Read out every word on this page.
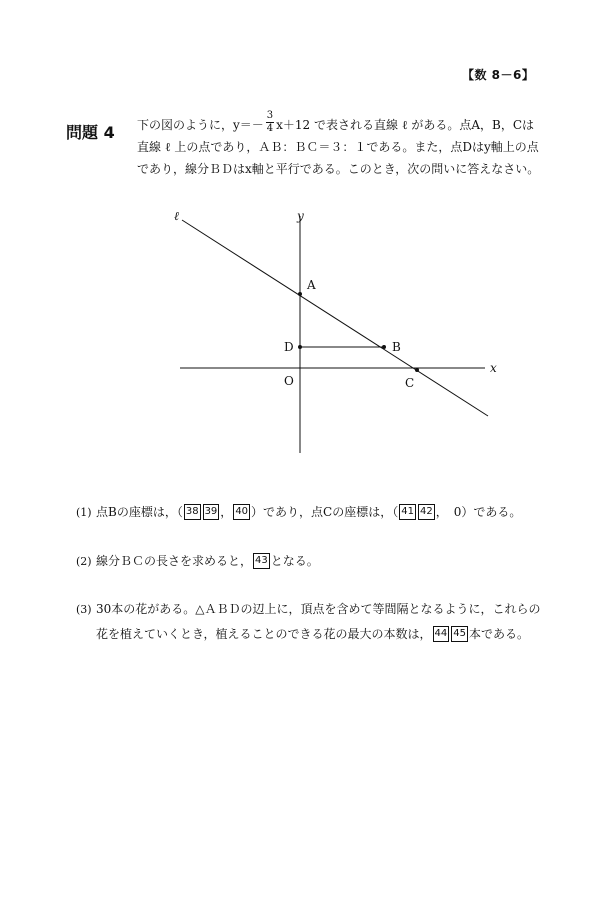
【数 8－6】
問題 4 下の図のように，$y=- \frac{3}{4} x+12$ で表される直線 ℓ がある。点A，B，Cは
直線 ℓ 上の点であり，ＡＢ：ＢＣ＝３：１である。また，点Dはy軸上の点
であり，線分ＢＤはx軸と平行である。このとき，次の問いに答えなさい。
ℓ	y
x
O
A
B
C
D
(1) 点Bの座標は，（ 38 39 ， 40 ）であり，点Cの座標は，（ 41 42 ，　0）である。
(2) 線分ＢＣの長さを求めると， 43 となる。
(3) 30本の花がある。△ＡＢＤの辺上に，頂点を含めて等間隔となるように，これらの
花を植えていくとき，植えることのできる花の最大の本数は， 44 45 本である。
